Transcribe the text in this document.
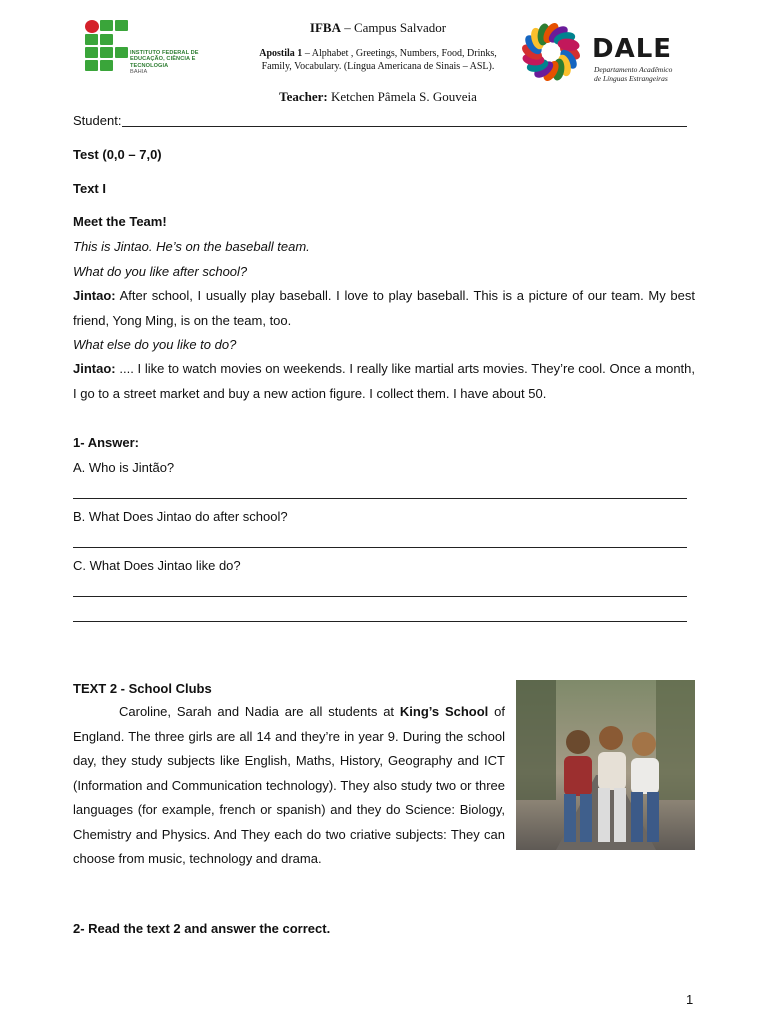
INSTITUTO FEDERAL DE
EDUCAÇÃO, CIÊNCIA E TECNOLOGIA
BAHIA
IFBA – Campus Salvador
Apostila 1 – Alphabet , Greetings, Numbers, Food, Drinks, Family, Vocabulary. (Língua Americana de Sinais – ASL).
Teacher: Ketchen Pâmela S. Gouveia
DALE
Departamento Acadêmico
de Línguas Estrangeiras
Student:
Test (0,0 – 7,0)
Text I
Meet the Team!
This is Jintao. He’s on the baseball team.
What do you like after school?
Jintao: After school, I usually play baseball. I love to play baseball. This is a picture of our team. My best friend, Yong Ming, is on the team, too.
What else do you like to do?
Jintao: .... I like to watch movies on weekends. I really like martial arts movies. They’re cool. Once a month, I go to a street market and buy a new action figure. I collect them. I have about 50.
1- Answer:
A. Who is Jintão?
B. What Does Jintao do after school?
C. What Does Jintao like do?
TEXT 2 - School Clubs
Caroline, Sarah and Nadia are all students at King’s School of England. The three girls are all 14 and they’re in year 9. During the school day, they study subjects like English, Maths, History, Geography and ICT (Information and Communication technology). They also study two or three languages (for example, french or spanish) and they do Science: Biology, Chemistry and Physics. And They each do two criative subjects: They can choose from music, technology and drama.
2- Read the text 2 and answer the correct.
1
